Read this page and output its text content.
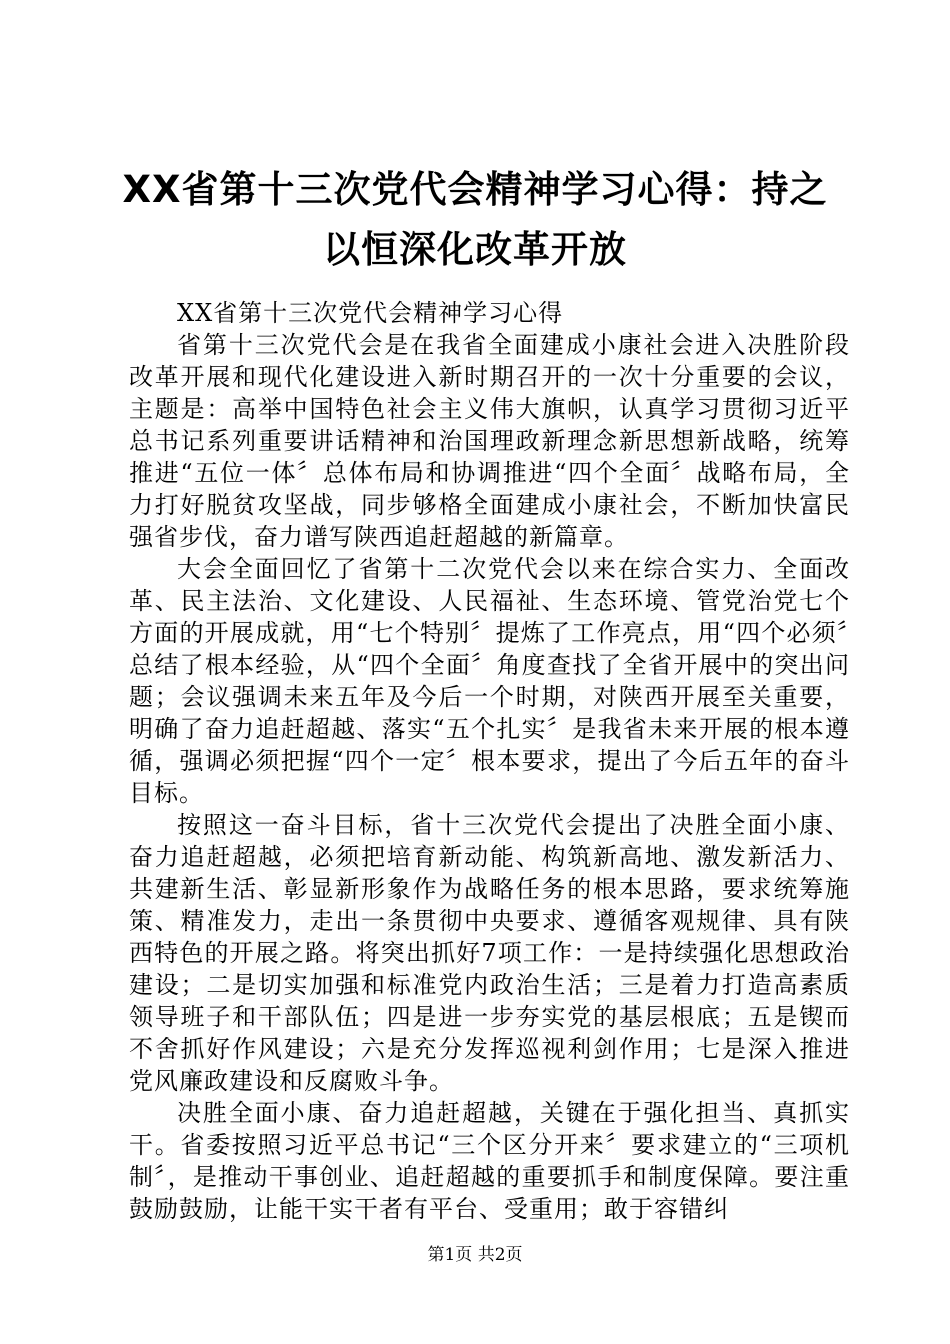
XX省第十三次党代会精神学习心得：持之以恒深化改革开放

XX省第十三次党代会精神学习心得

省第十三次党代会是在我省全面建成小康社会进入决胜阶段改革开展和现代化建设进入新时期召开的一次十分重要的会议，主题是：高举中国特色社会主义伟大旗帜，认真学习贯彻习近平总书记系列重要讲话精神和治国理政新理念新思想新战略，统筹推进“五位一体〞总体布局和协调推进“四个全面〞战略布局，全力打好脱贫攻坚战，同步够格全面建成小康社会，不断加快富民强省步伐，奋力谱写陕西追赶超越的新篇章。

大会全面回忆了省第十二次党代会以来在综合实力、全面改革、民主法治、文化建设、人民福祉、生态环境、管党治党七个方面的开展成就，用“七个特别〞提炼了工作亮点，用“四个必须〞总结了根本经验，从“四个全面〞角度查找了全省开展中的突出问题；会议强调未来五年及今后一个时期，对陕西开展至关重要，明确了奋力追赶超越、落实“五个扎实〞是我省未来开展的根本遵循，强调必须把握“四个一定〞根本要求，提出了今后五年的奋斗目标。

按照这一奋斗目标，省十三次党代会提出了决胜全面小康、奋力追赶超越，必须把培育新动能、构筑新高地、激发新活力、共建新生活、彰显新形象作为战略任务的根本思路，要求统筹施策、精准发力，走出一条贯彻中央要求、遵循客观规律、具有陕西特色的开展之路。将突出抓好7项工作：一是持续强化思想政治建设；二是切实加强和标准党内政治生活；三是着力打造高素质领导班子和干部队伍；四是进一步夯实党的基层根底；五是锲而不舍抓好作风建设；六是充分发挥巡视利剑作用；七是深入推进党风廉政建设和反腐败斗争。

决胜全面小康、奋力追赶超越，关键在于强化担当、真抓实干。省委按照习近平总书记“三个区分开来〞要求建立的“三项机制〞，是推动干事创业、追赶超越的重要抓手和制度保障。要注重鼓励鼓励，让能干实干者有平台、受重用；敢于容错纠

第1页 共2页
